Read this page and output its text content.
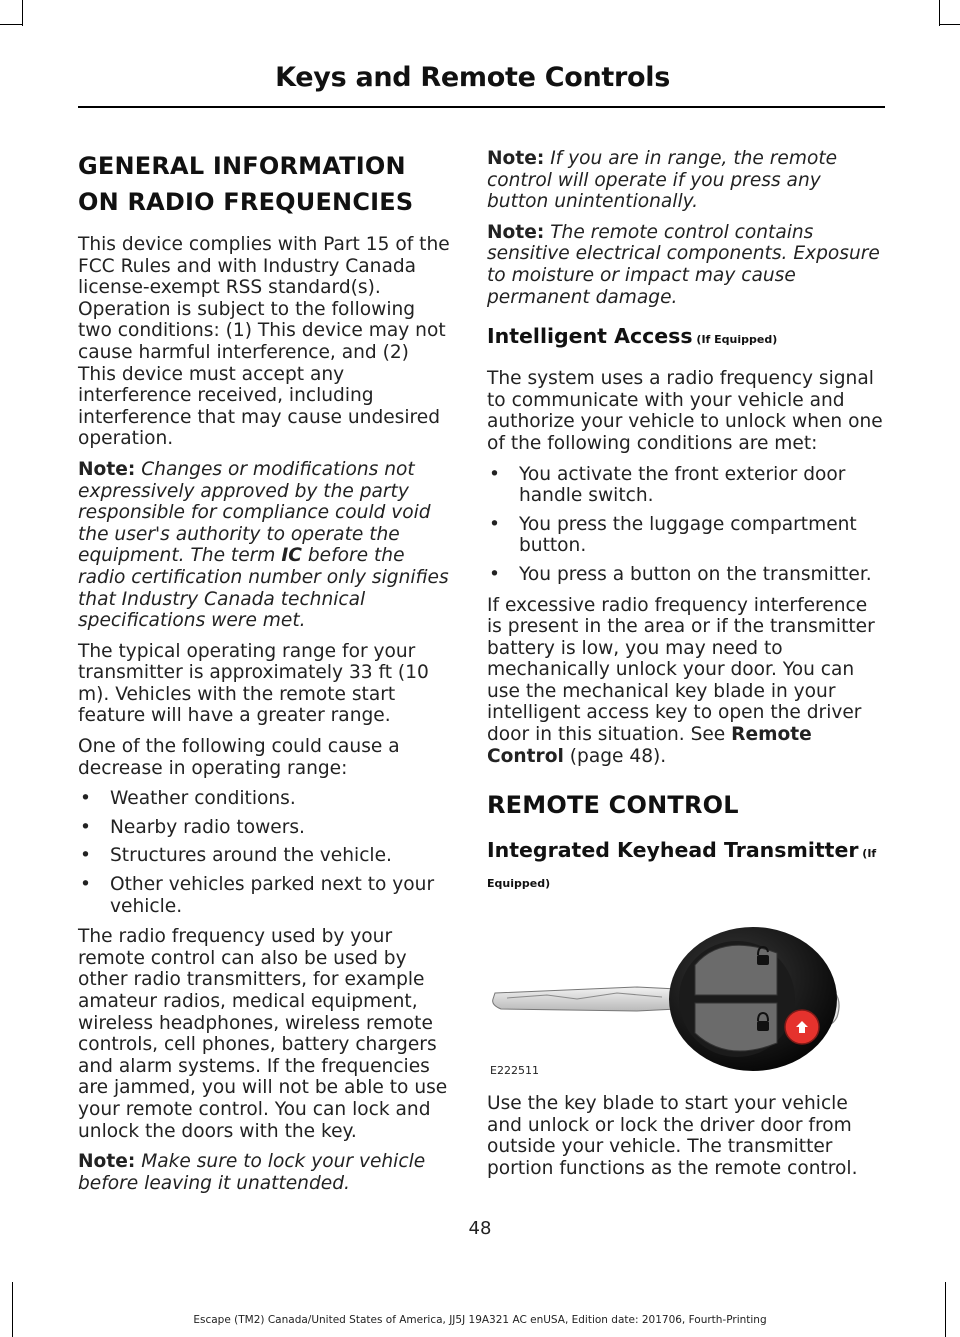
Keys and Remote Controls
GENERAL INFORMATION ON RADIO FREQUENCIES

This device complies with Part 15 of the FCC Rules and with Industry Canada license-exempt RSS standard(s). Operation is subject to the following two conditions: (1) This device may not cause harmful interference, and (2) This device must accept any interference received, including interference that may cause undesired operation.

Note: Changes or modifications not expressively approved by the party responsible for compliance could void the user's authority to operate the equipment. The term IC before the radio certification number only signifies that Industry Canada technical specifications were met.

The typical operating range for your transmitter is approximately 33 ft (10 m). Vehicles with the remote start feature will have a greater range.

One of the following could cause a decrease in operating range:

• Weather conditions.
• Nearby radio towers.
• Structures around the vehicle.
• Other vehicles parked next to your vehicle.

The radio frequency used by your remote control can also be used by other radio transmitters, for example amateur radios, medical equipment, wireless headphones, wireless remote controls, cell phones, battery chargers and alarm systems. If the frequencies are jammed, you will not be able to use your remote control. You can lock and unlock the doors with the key.

Note: Make sure to lock your vehicle before leaving it unattended.

Note: If you are in range, the remote control will operate if you press any button unintentionally.

Note: The remote control contains sensitive electrical components. Exposure to moisture or impact may cause permanent damage.

Intelligent Access (If Equipped)

The system uses a radio frequency signal to communicate with your vehicle and authorize your vehicle to unlock when one of the following conditions are met:

• You activate the front exterior door handle switch.
• You press the luggage compartment button.
• You press a button on the transmitter.

If excessive radio frequency interference is present in the area or if the transmitter battery is low, you may need to mechanically unlock your door. You can use the mechanical key blade in your intelligent access key to open the driver door in this situation. See Remote Control (page 48).

REMOTE CONTROL
Integrated Keyhead Transmitter (If Equipped)
E222511

Use the key blade to start your vehicle and unlock or lock the driver door from outside your vehicle. The transmitter portion functions as the remote control.

48
Escape (TM2) Canada/United States of America, JJ5J 19A321 AC enUSA, Edition date: 201706, Fourth-Printing
